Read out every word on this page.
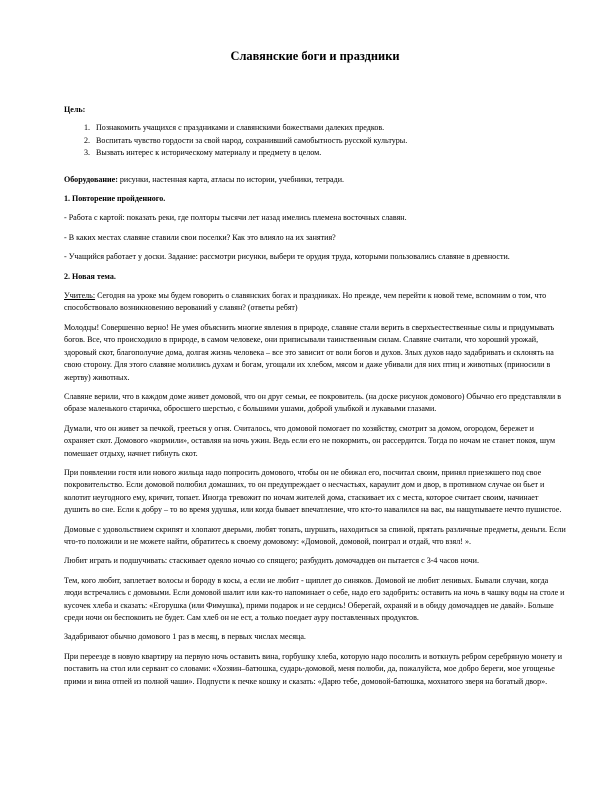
Славянские боги и праздники
Цель:
1. Познакомить учащихся с праздниками и славянскими божествами далеких предков.
2. Воспитать чувство гордости за свой народ, сохранивший самобытность русской культуры.
3. Вызвать интерес к историческому материалу и предмету в целом.

Оборудование: рисунки, настенная карта, атласы по истории, учебники, тетради.

1. Повторение пройденного.

- Работа с картой: показать реки, где полторы тысячи лет назад имелись племена восточных славян.

- В каких местах славяне ставили свои поселки? Как это влияло на их занятия?

- Учащийся работает у доски. Задание: рассмотри рисунки, выбери те орудия труда, которыми пользовались славяне в древности.

2. Новая тема.

Учитель: Сегодня на уроке мы будем говорить о славянских богах и праздниках. Но прежде, чем перейти к новой теме, вспомним о том, что способствовало возникновению верований у славян? (ответы ребят)

Молодцы! Совершенно верно! Не умея объяснить многие явления в природе, славяне стали верить в сверхъестественные силы и придумывать богов. Все, что происходило в природе, в самом человеке, они приписывали таинственным силам. Славяне считали, что хороший урожай, здоровый скот, благополучие дома, долгая жизнь человека – все это зависит от воли богов и духов. Злых духов надо задабривать и склонять на свою сторону. Для этого славяне молились духам и богам, угощали их хлебом, мясом и даже убивали для них птиц и животных (приносили в жертву) животных.

Славяне верили, что в каждом доме живет домовой, что он друг семьи, ее покровитель. (на доске рисунок домового) Обычно его представляли в образе маленького старичка, обросшего шерстью, с большими ушами, доброй улыбкой и лукавыми глазами.

Думали, что он живет за печкой, грееться у огня. Считалось, что домовой помогает по хозяйству, смотрит за домом, огородом, бережет и охраняет скот. Домового «кормили», оставляя на ночь ужин. Ведь если его не покормить, он рассердится. Тогда по ночам не станет покоя, шум помешает отдыху, начнет гибнуть скот.

При появлении гостя или нового жильца надо попросить домового, чтобы он не обижал его, посчитал своим, принял приезжшего под свое покровительство. Если домовой полюбил домашних, то он предупреждает о несчастьях, караулит дом и двор, в противном случае он бьет и колотит неугодного ему, кричит, топает. Иногда тревожит по ночам жителей дома, стаскивает их с места, которое считает своим, начинает душить во сне. Если к добру – то во время удушья, или когда бывает впечатление, что кто-то навалился на вас, вы нащупываете нечто пушистое.

Домовые с удовольствием скрипят и хлопают дверьми, любят топать, шуршать, находиться за спиной, прятать различные предметы, деньги. Если что-то положили и не можете найти, обратитесь к своему домовому: «Домовой, домовой, поиграл и отдай, что взял! ».

Любит играть и подшучивать: стаскивает одеяло ночью со спящего; разбудить домочадцев он пытается с 3-4 часов ночи.

Тем, кого любит, заплетает волосы и бороду в косы, а если не любит - щиплет до синяков. Домовой не любит ленивых. Бывали случаи, когда люди встречались с домовыми. Если домовой шалит или как-то напоминает о себе, надо его задобрить: оставить на ночь в чашку воды на столе и кусочек хлеба и сказать: «Егорушка (или Фимушка), прими подарок и не сердись! Оберегай, охраняй и в обиду домочадцев не давай». Больше среди ночи он беспокоить не будет. Сам хлеб он не ест, а только поедает ауру поставленных продуктов.

Задабривают обычно домового 1 раз в месяц, в первых числах месяца.

При переезде в новую квартиру на первую ночь оставить вина, горбушку хлеба, которую надо посолить и воткнуть ребром серебряную монету и поставить на стол или сервант со словами: «Хозяин–батюшка, сударь-домовой, меня полюби, да, пожалуйста, мое добро береги, мое угощенье прими и вина отпей из полной чаши». Подпусти к печке кошку и сказать: «Дарю тебе, домовой-батюшка, мохнатого зверя на богатый двор».
